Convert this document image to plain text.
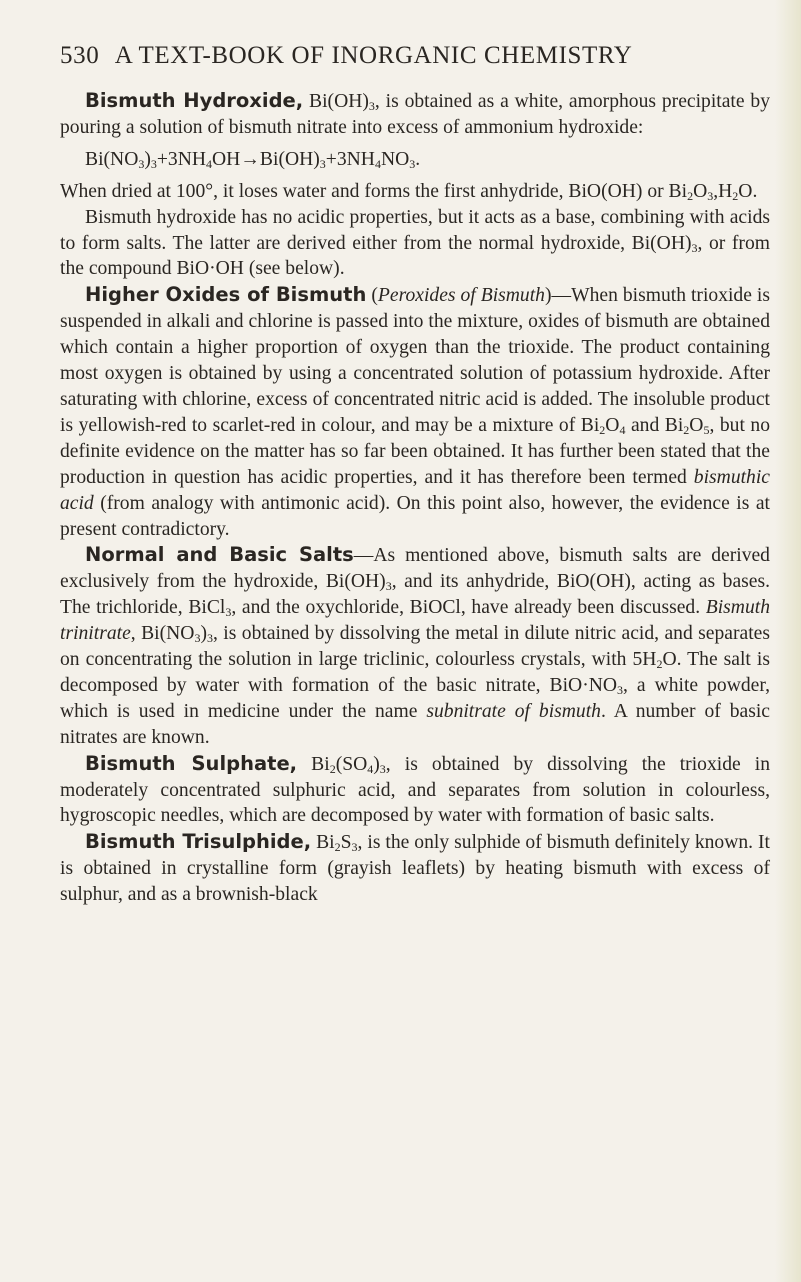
530 A TEXT-BOOK OF INORGANIC CHEMISTRY

Bismuth Hydroxide, $Bi(OH)_3$, is obtained as a white, amorphous precipitate by pouring a solution of bismuth nitrate into excess of ammonium hydroxide:

$Bi(NO_3)_3+3NH_4OH\to Bi(OH)_3+3NH_4NO_3$.

When dried at 100°, it loses water and forms the first anhydride, BiO(OH) or $Bi_2O_3,H_2O$.

Bismuth hydroxide has no acidic properties, but it acts as a base, combining with acids to form salts. The latter are derived either from the normal hydroxide, $Bi(OH)_3$, or from the compound BiO·OH (see below).

Higher Oxides of Bismuth (Peroxides of Bismuth)—When bismuth trioxide is suspended in alkali and chlorine is passed into the mixture, oxides of bismuth are obtained which contain a higher proportion of oxygen than the trioxide. The product containing most oxygen is obtained by using a concentrated solution of potassium hydroxide. After saturating with chlorine, excess of concentrated nitric acid is added. The insoluble product is yellowish-red to scarlet-red in colour, and may be a mixture of $Bi_2O_4$ and $Bi_2O_5$, but no definite evidence on the matter has so far been obtained. It has further been stated that the production in question has acidic properties, and it has therefore been termed bismuthic acid (from analogy with antimonic acid). On this point also, however, the evidence is at present contradictory.

Normal and Basic Salts—As mentioned above, bismuth salts are derived exclusively from the hydroxide, $Bi(OH)_3$, and its anhydride, BiO(OH), acting as bases. The trichloride, BiCl$_3$, and the oxychloride, BiOCl, have already been discussed. Bismuth trinitrate, $Bi(NO_3)_3$, is obtained by dissolving the metal in dilute nitric acid, and separates on concentrating the solution in large triclinic, colourless crystals, with $5H_2O$. The salt is decomposed by water with formation of the basic nitrate, $BiO\cdot NO_3$, a white powder, which is used in medicine under the name subnitrate of bismuth. A number of basic nitrates are known.

Bismuth Sulphate, $Bi_2(SO_4)_3$, is obtained by dissolving the trioxide in moderately concentrated sulphuric acid, and separates from solution in colourless, hygroscopic needles, which are decomposed by water with formation of basic salts.

Bismuth Trisulphide, $Bi_2S_3$, is the only sulphide of bismuth definitely known. It is obtained in crystalline form (grayish leaflets) by heating bismuth with excess of sulphur, and as a brownish-black
